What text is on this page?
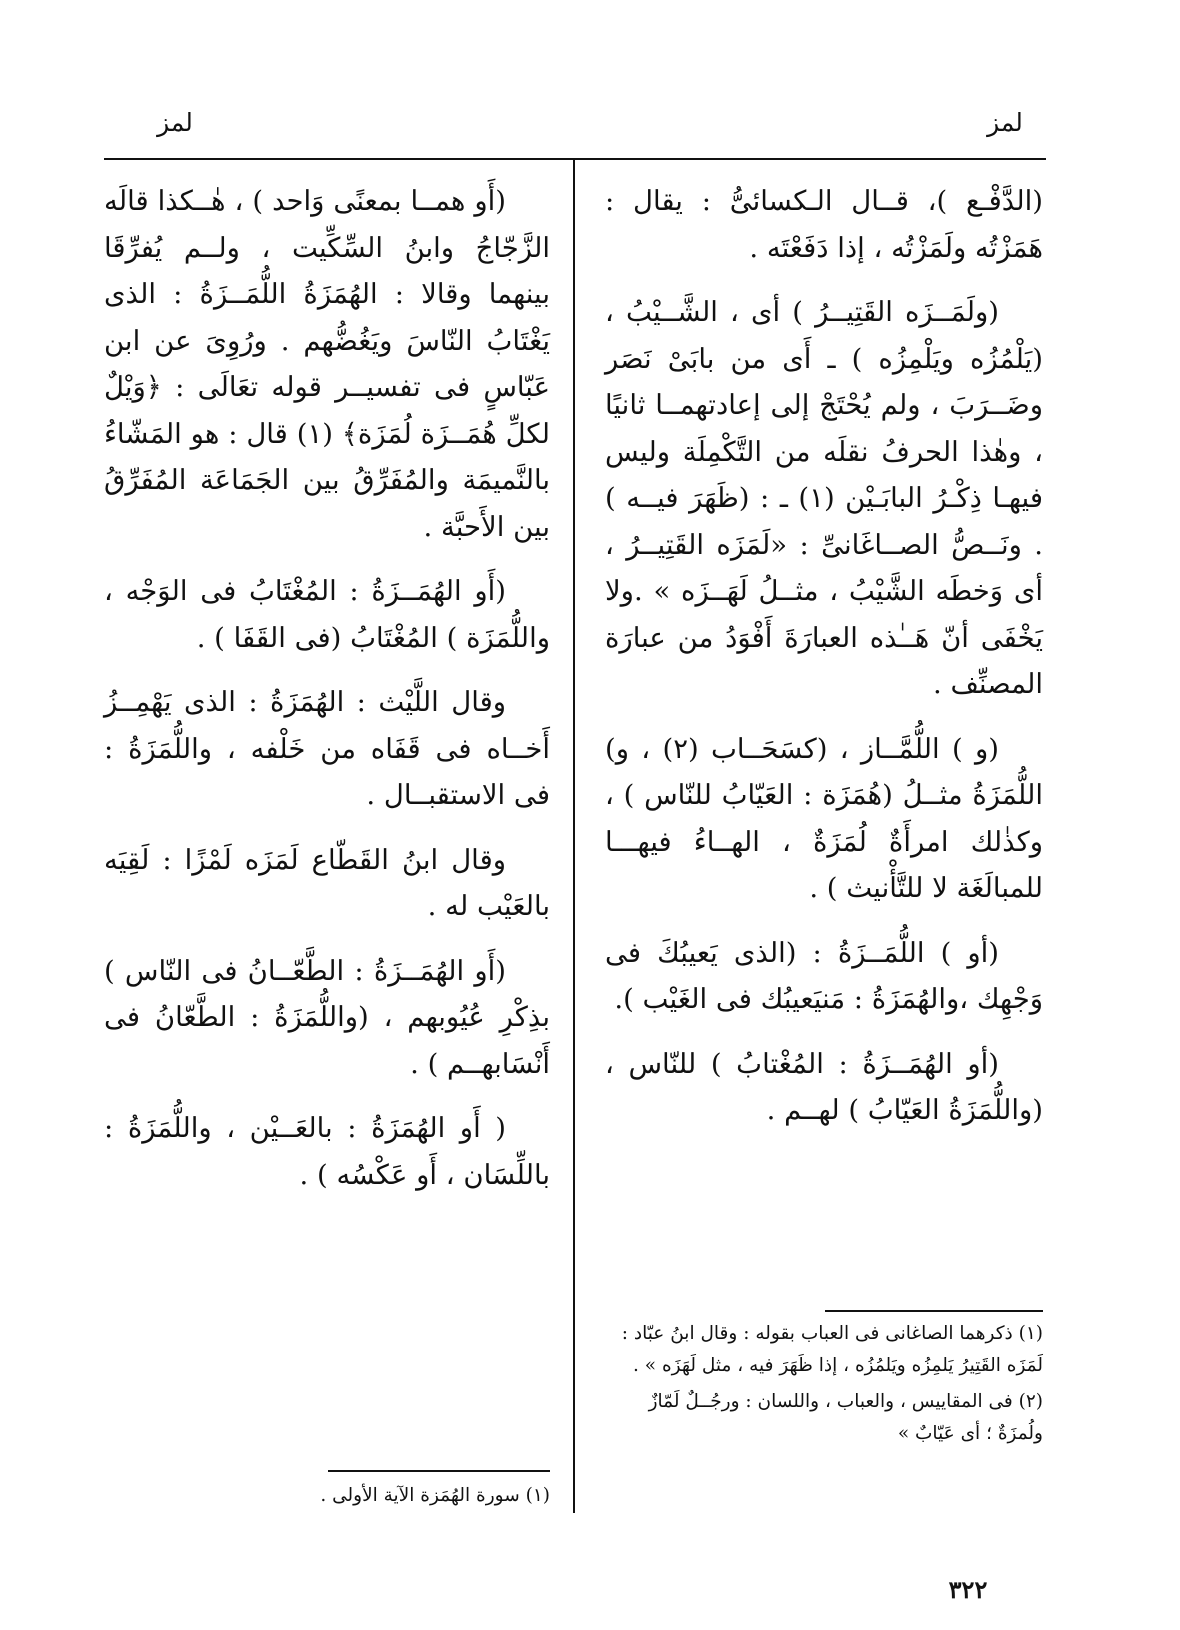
لمز
لمز

(الدَّفْـع )، قــال الـكسائىُّ : يقال : هَمَزْتُه ولَمَزْتُه ، إذا دَفَعْتَه .

(ولَمَــزَه القَتِيــرُ ) أى ، الشَّــيْبُ ، (يَلْمُزُه ويَلْمِزُه ) ـ أَى من بابَىْ نَصَر وضَــرَبَ ، ولم يُحْتَجْ إلى إعادتهمــا ثانيًا ، وهٰذا الحرفُ نقلَه من التَّكْمِلَة وليس فيهـا ذِكْـرُ البابَـيْن (١) ـ : (ظَهَرَ فيــه ) . ونَــصُّ الصــاغَانىِّ : «لَمَزَه القَتِيــرُ ، أى وَخطَه الشَّيْبُ ، مثــلُ لَهَــزَه » .ولا يَخْفَى أنّ هَــٰذه العبارَةَ أَفْوَدُ من عبارَة المصنِّف .

(و ) اللُّمَّــاز ، (كسَحَــاب (٢) ، و) اللُّمَزَةُ مثــلُ (هُمَزَة : العَيّابُ للنّاس ) ، وكذٰلك امرأَةٌ لُمَزَةٌ ، الهــاءُ فيهـــا للمبالَغَة لا للتَّأْنيث ) .

(أو ) اللُّمَــزَةُ : (الذى يَعيبُكَ فى وَجْهِك ،والهُمَزَةُ : مَنيَعيبُك فى الغَيْب ).

(أو الهُمَــزَةُ : المُغْتابُ ) للنّاس ، (واللُّمَزَةُ العَيّابُ ) لهــم .

(أَو همــا بمعنًى وَاحد ) ، هٰــكذا قالَه الزَّجّاجُ وابنُ السِّكِّيت ، ولــم يُفرِّقَا بينهما وقالا : الهُمَزَةُ اللُّمَــزَةُ : الذى يَغْتَابُ النّاسَ ويَغُضُّهم . ورُوِىَ عن ابن عَبّاسٍ فى تفسيــر قوله تعَالَى : ﴿وَيْلٌ لكلِّ هُمَــزَة لُمَزَة﴾ (١) قال : هو المَشّاءُ بالنَّميمَة والمُفَرِّقُ بين الجَمَاعَة المُفَرِّقُ بين الأَحبَّة .

(أَو الهُمَــزَةُ : المُغْتَابُ فى الوَجْه ، واللُّمَزَة ) المُغْتَابُ (فى القَفَا ) .

وقال اللَّيْث : الهُمَزَةُ : الذى يَهْمِــزُ أَخــاه فى قَفَاه من خَلْفه ، واللُّمَزَةُ : فى الاستقبــال .

وقال ابنُ القَطّاع لَمَزَه لَمْزًا : لَقِيَه بالعَيْب له .

(أَو الهُمَــزَةُ : الطَّعّــانُ فى النّاس ) بذِكْرِ عُيُوبهم ، (واللُّمَزَةُ : الطَّعّانُ فى أَنْسَابهــم ) .

( أَو الهُمَزَةُ : بالعَــيْن ، واللُّمَزَةُ : باللِّسَان ، أَو عَكْسُه ) .

(١) ذكرهما الصاغانى فى العباب بقوله : وقال ابنُ عبّاد : لَمَزَه القَتِيرُ يَلمِزُه ويَلمُزُه ، إذا ظَهَرَ فيه ، مثل لَهَزَه » .

(٢) فى المقاييس ، والعباب ، واللسان : ورجُــلٌ لَمّازٌ ولُمزَةٌ ؛ أى عَيّابٌ »

(١) سورة الهُمَزة الآية الأولى .

٣٢٢
